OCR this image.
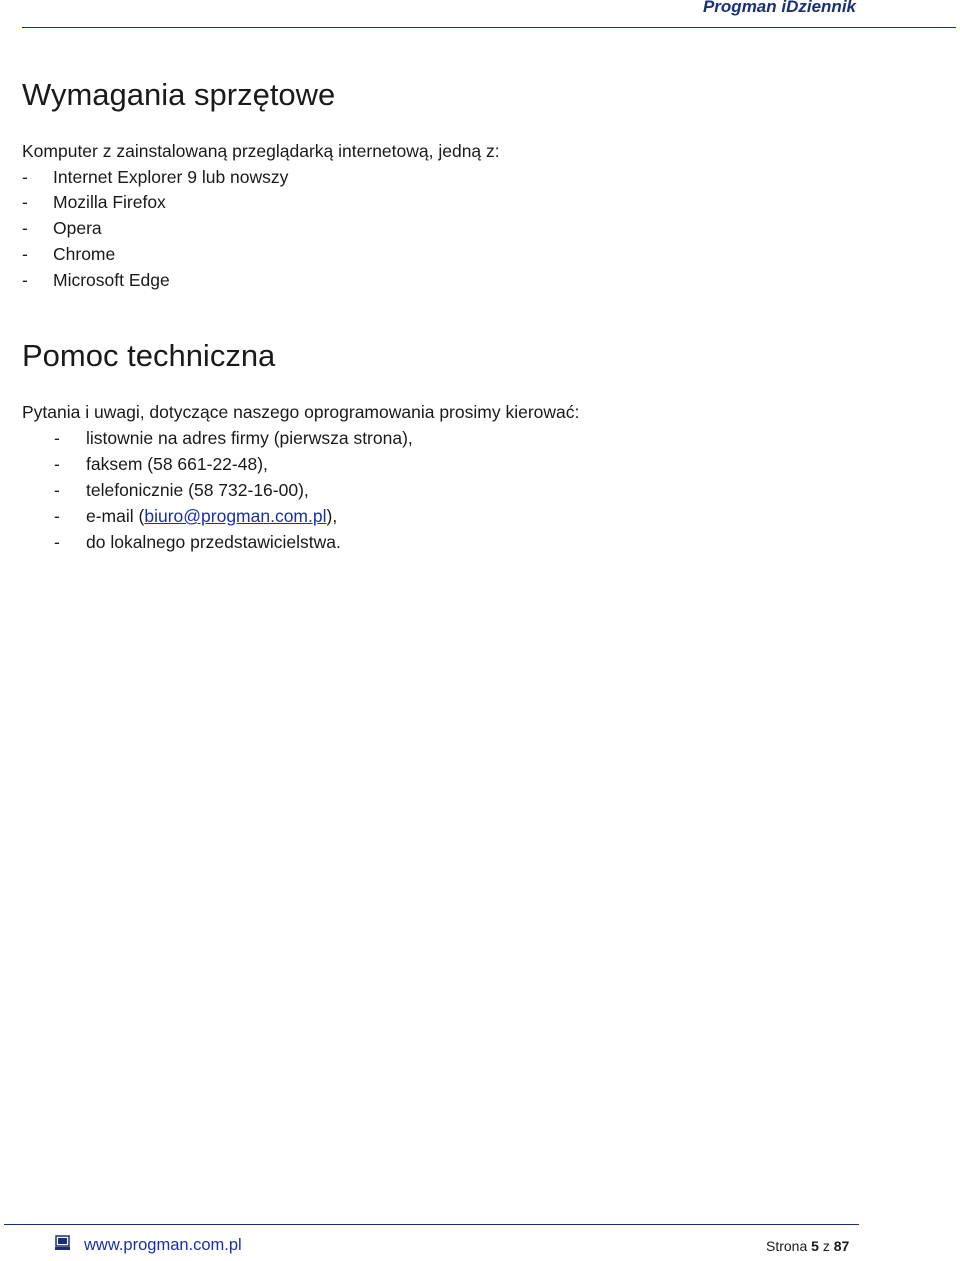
Progman iDziennik
Wymagania sprzętowe
Komputer z zainstalowaną przeglądarką internetową, jedną z:
- Internet Explorer 9 lub nowszy
- Mozilla Firefox
- Opera
- Chrome
- Microsoft Edge
Pomoc techniczna
Pytania i uwagi, dotyczące naszego oprogramowania prosimy kierować:
- listownie na adres firmy (pierwsza strona),
- faksem (58 661-22-48),
- telefonicznie (58 732-16-00),
- e-mail (biuro@progman.com.pl),
- do lokalnego przedstawicielstwa.
www.progman.com.pl	Strona 5 z 87
